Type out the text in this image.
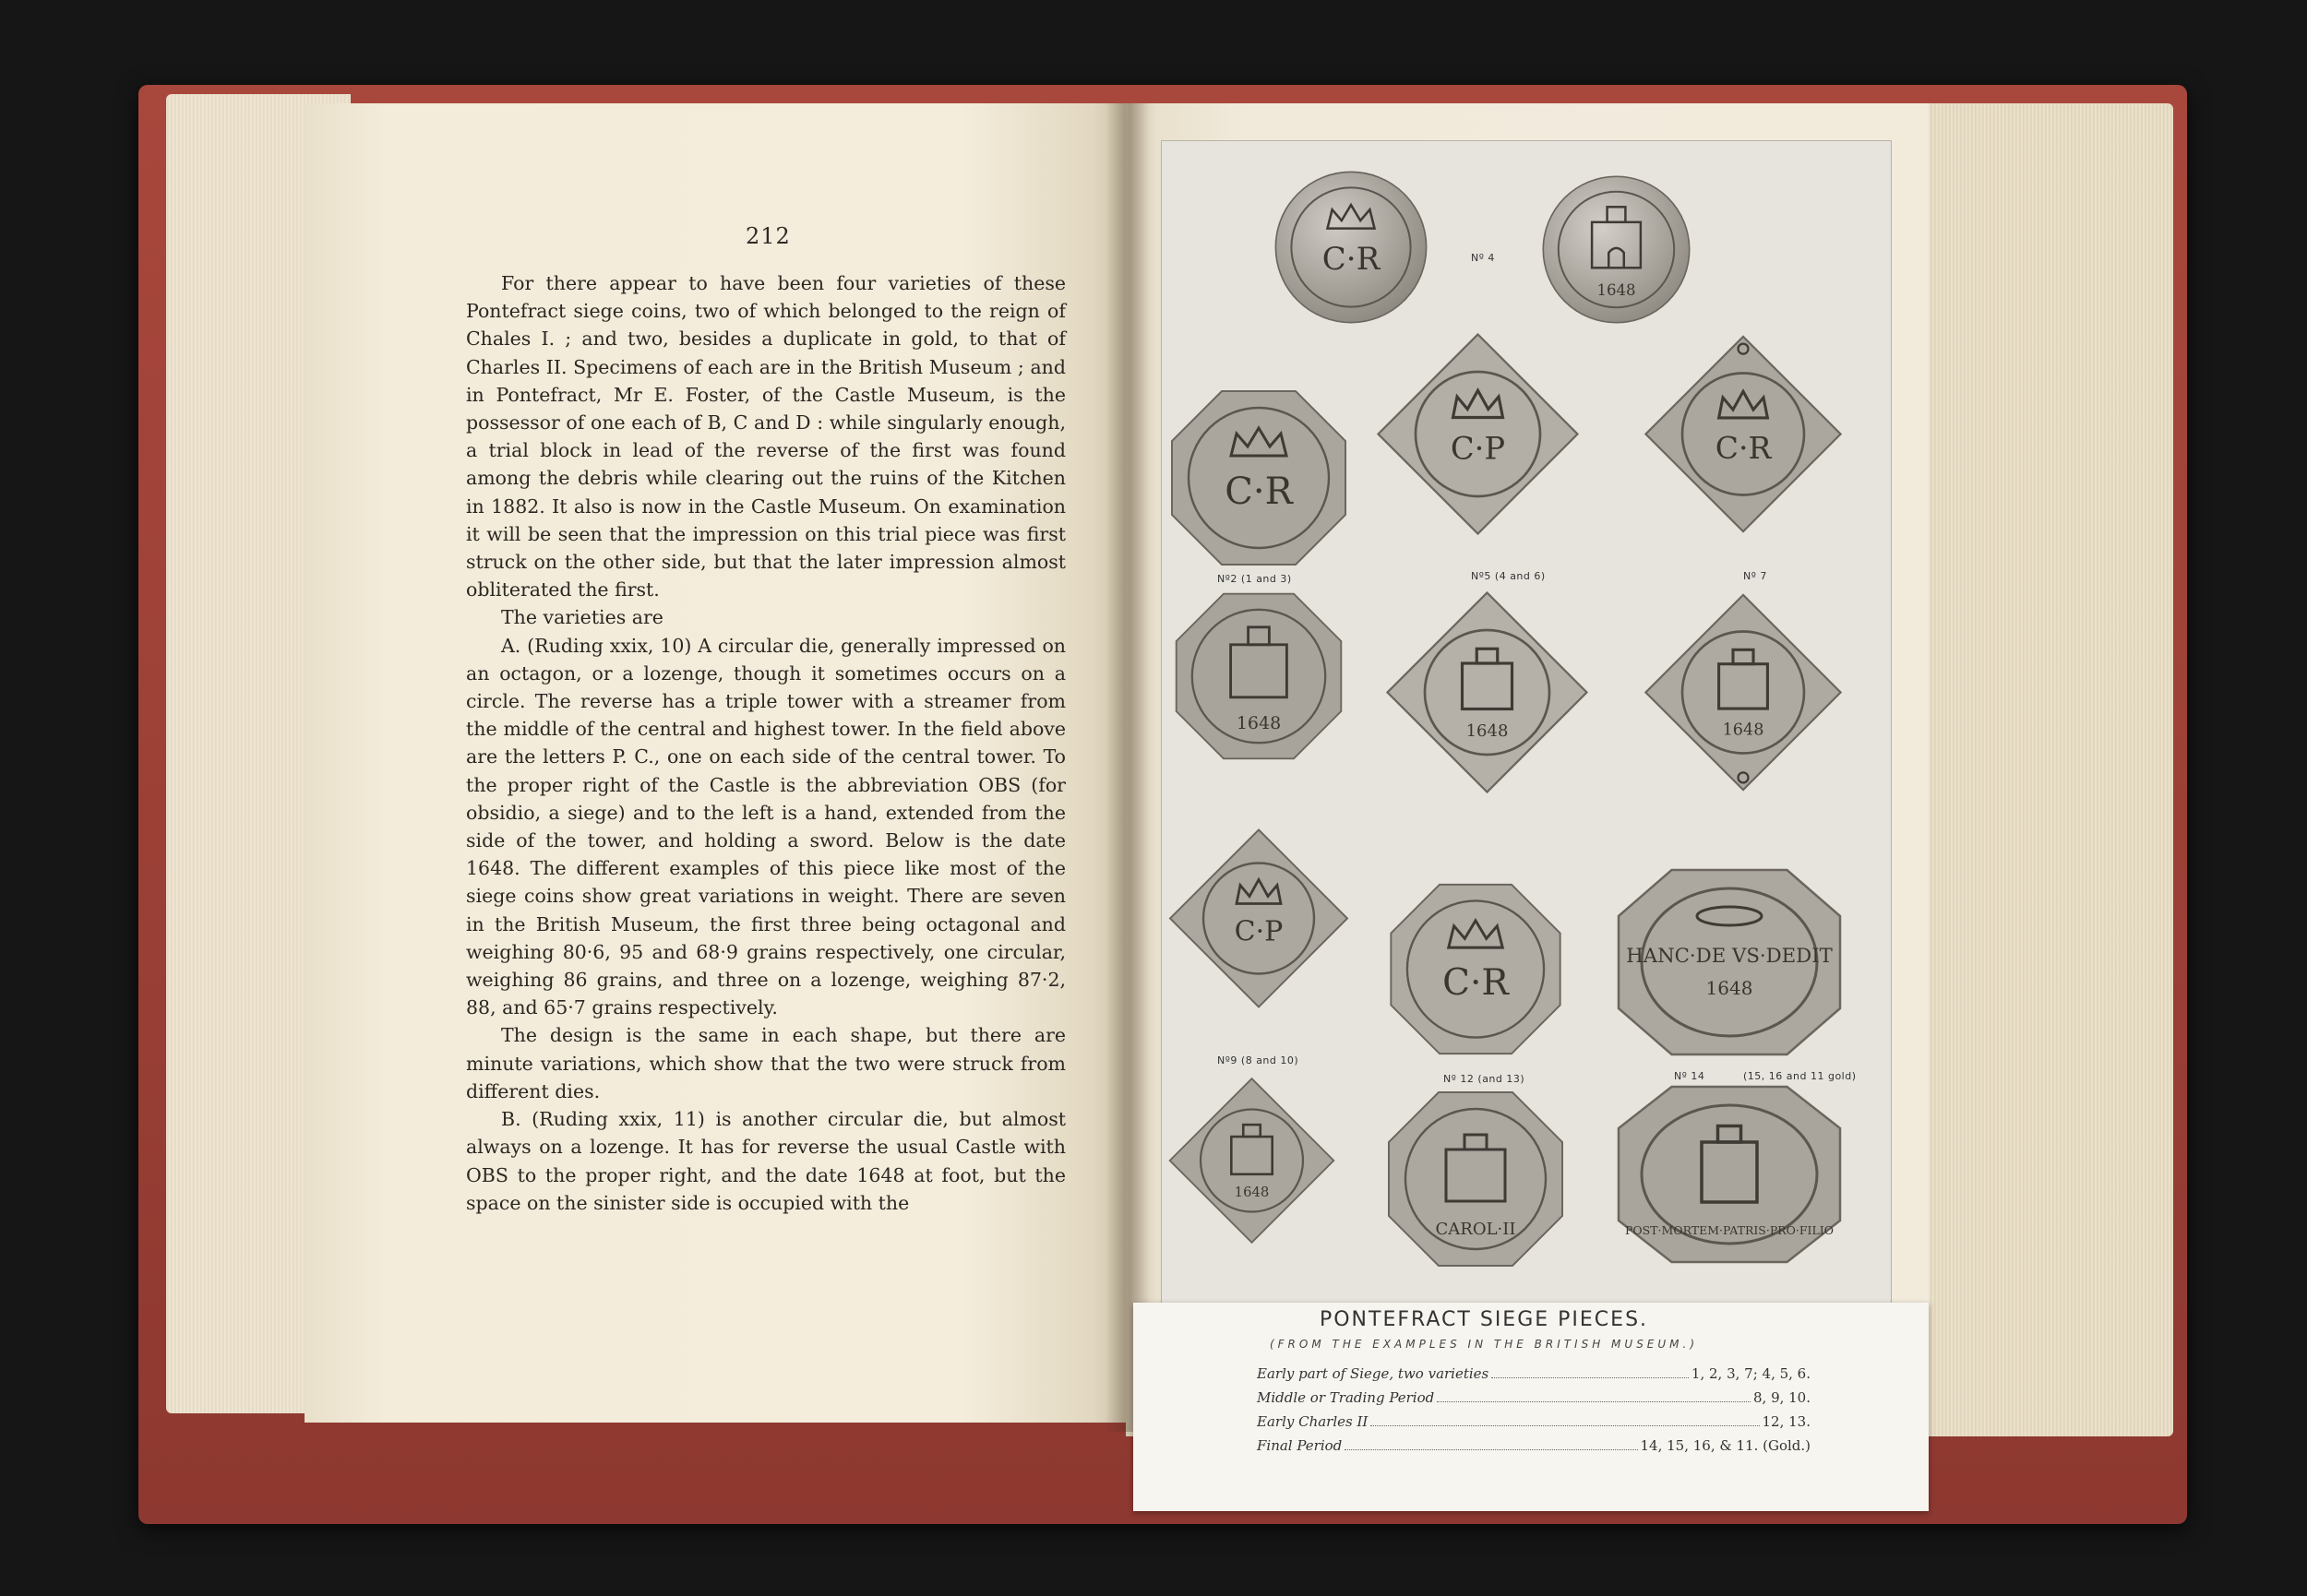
212

For there appear to have been four varieties of these Pontefract siege coins, two of which belonged to the reign of Chales I. ; and two, besides a duplicate in gold, to that of Charles II. Specimens of each are in the British Museum ; and in Pontefract, Mr E. Foster, of the Castle Museum, is the possessor of one each of B, C and D : while singularly enough, a trial block in lead of the reverse of the first was found among the debris while clearing out the ruins of the Kitchen in 1882. It also is now in the Castle Museum. On examination it will be seen that the impression on this trial piece was first struck on the other side, but that the later impression almost obliterated the first.

The varieties are

A. (Ruding xxix, 10) A circular die, generally impressed on an octagon, or a lozenge, though it sometimes occurs on a circle. The reverse has a triple tower with a streamer from the middle of the central and highest tower. In the field above are the letters P. C., one on each side of the central tower. To the proper right of the Castle is the abbreviation OBS (for obsidio, a siege) and to the left is a hand, extended from the side of the tower, and holding a sword. Below is the date 1648. The different examples of this piece like most of the siege coins show great variations in weight. There are seven in the British Museum, the first three being octagonal and weighing 80·6, 95 and 68·9 grains respectively, one circular, weighing 86 grains, and three on a lozenge, weighing 87·2, 88, and 65·7 grains respectively.

The design is the same in each shape, but there are minute variations, which show that the two were struck from different dies.

B. (Ruding xxix, 11) is another circular die, but almost always on a lozenge. It has for reverse the usual Castle with OBS to the proper right, and the date 1648 at foot, but the space on the sinister side is occupied with the

C·R	Nº 4
1648
C·R
C·P	C·R
Nº2 (1 and 3)	Nº5 (4 and 6)	Nº 7
1648	1648	1648
C·P
C·R
HANC·DE VS·DEDIT
1648
Nº9 (8 and 10)
Nº 12 (and 13)	Nº 14	(15, 16 and 11 gold)
1648
CAROL·II	POST·MORTEM·PATRIS·PRO·FILIO
PONTEFRACT SIEGE PIECES.
(FROM THE EXAMPLES IN THE BRITISH MUSEUM.)
Early part of Siege, two varieties	1, 2, 3, 7; 4, 5, 6.
Middle or Trading Period	8, 9, 10.
Early Charles II	12, 13.
Final Period	14, 15, 16, & 11. (Gold.)
